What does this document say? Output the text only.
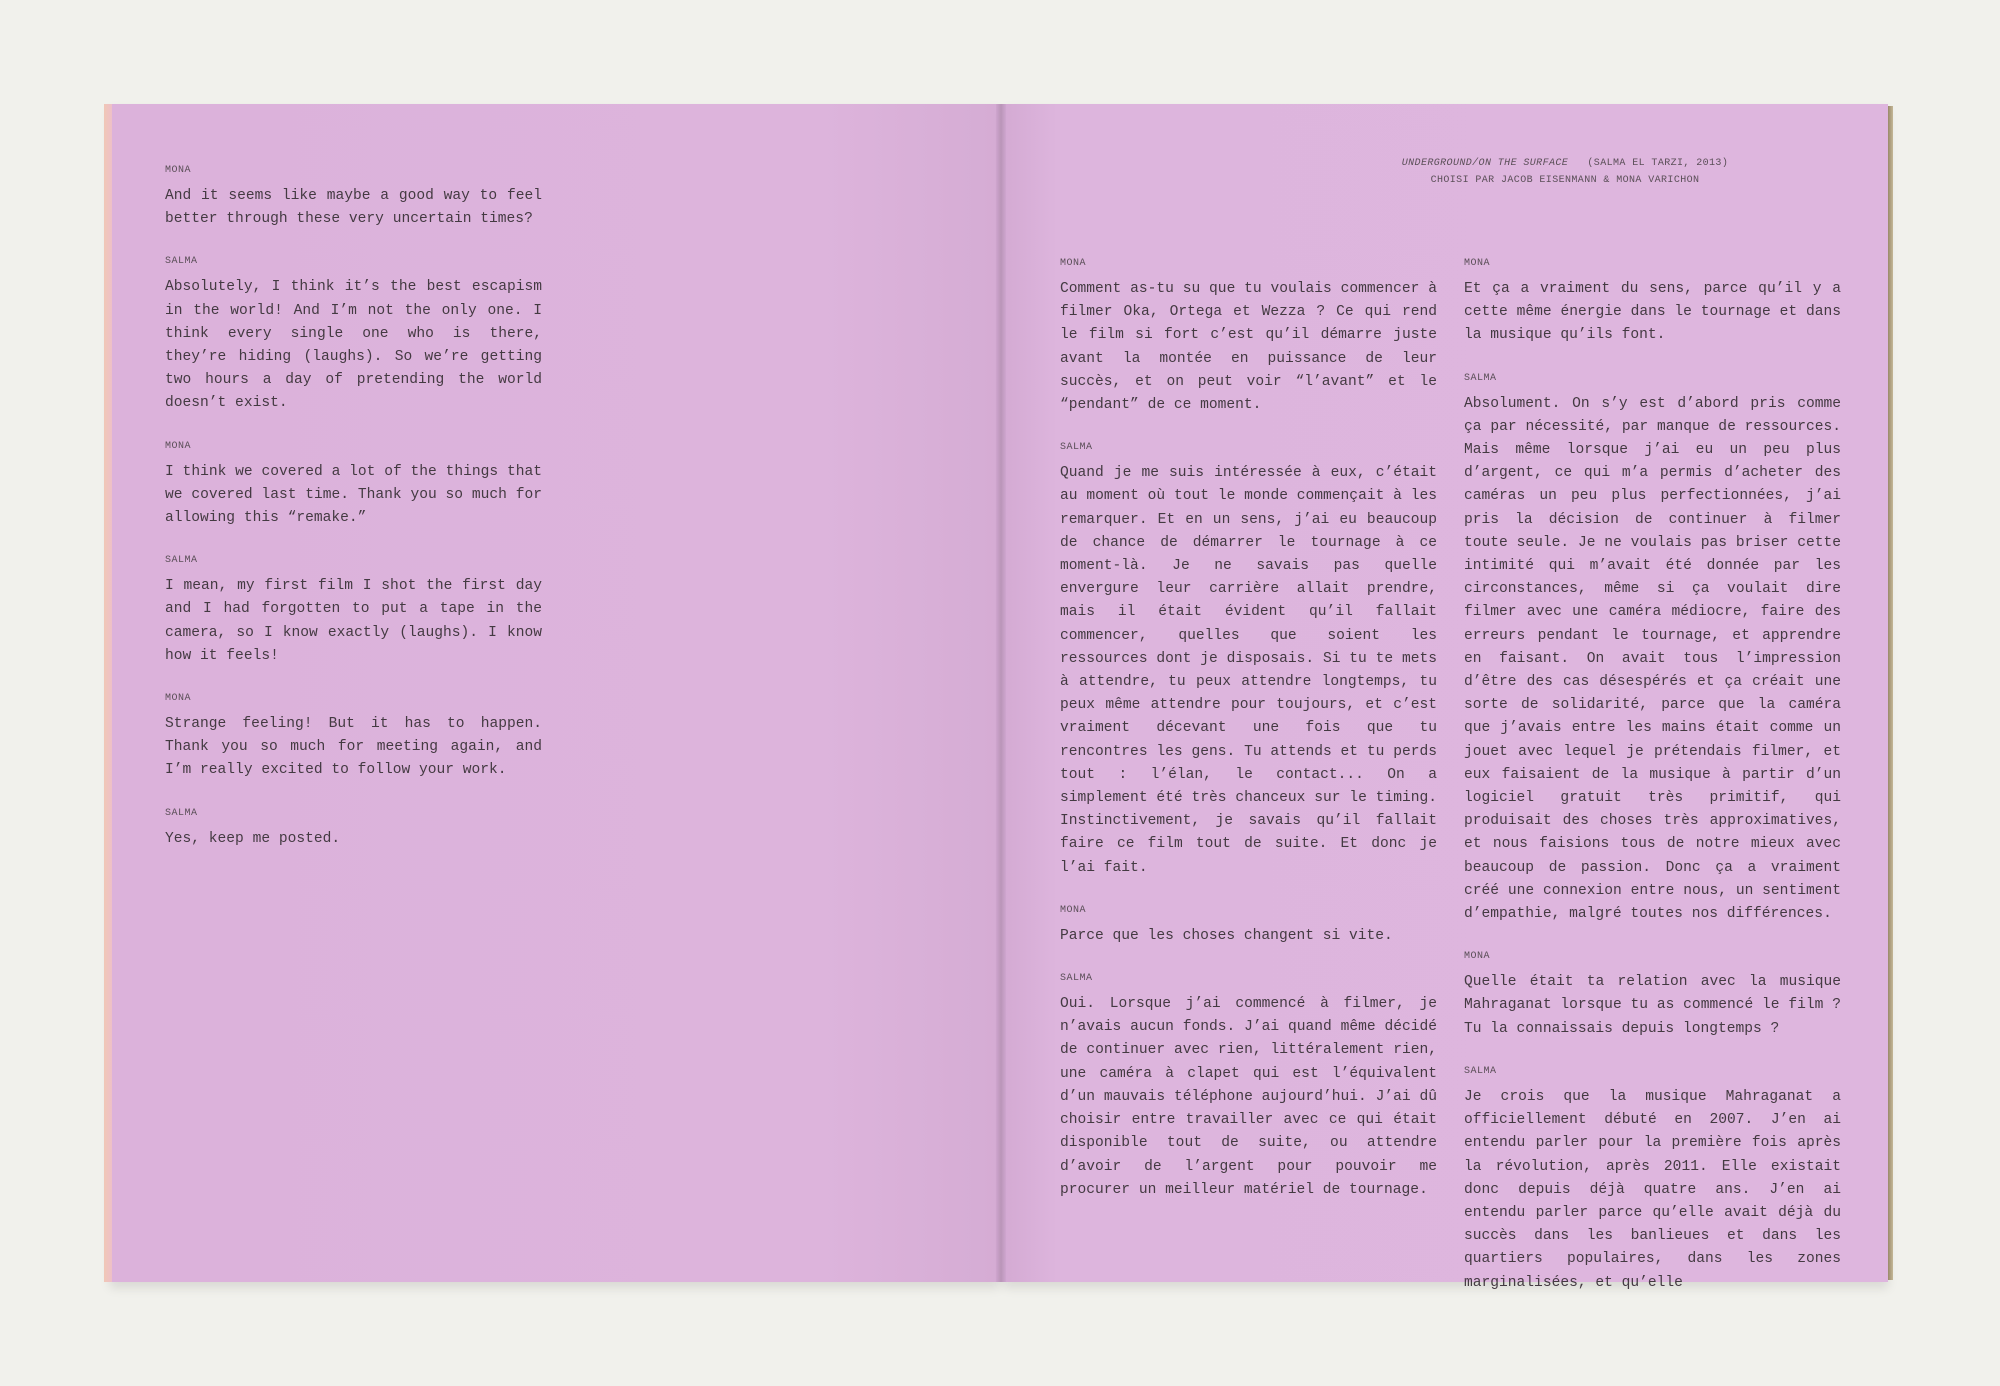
MONA
And it seems like maybe a good way to feel better through these very uncertain times?
SALMA
Absolutely, I think it’s the best escapism in the world! And I’m not the only one. I think every single one who is there, they’re hiding (laughs). So we’re getting two hours a day of pretending the world doesn’t exist.
MONA
I think we covered a lot of the things that we covered last time. Thank you so much for allowing this “remake.”
SALMA
I mean, my first film I shot the first day and I had forgotten to put a tape in the camera, so I know exactly (laughs). I know how it feels!
MONA
Strange feeling! But it has to happen. Thank you so much for meeting again, and I’m really excited to follow your work.
SALMA
Yes, keep me posted.
UNDERGROUND/ON THE SURFACE (SALMA EL TARZI, 2013)
CHOISI PAR JACOB EISENMANN & MONA VARICHON
MONA
Comment as-tu su que tu voulais commencer à filmer Oka, Ortega et Wezza ? Ce qui rend le film si fort c’est qu’il démarre juste avant la montée en puissance de leur succès, et on peut voir “l’avant” et le “pendant” de ce moment.
SALMA
Quand je me suis intéressée à eux, c’était au moment où tout le monde commençait à les remarquer. Et en un sens, j’ai eu beaucoup de chance de démarrer le tournage à ce moment-là. Je ne savais pas quelle envergure leur carrière allait prendre, mais il était évident qu’il fallait commencer, quelles que soient les ressources dont je disposais. Si tu te mets à attendre, tu peux attendre longtemps, tu peux même attendre pour toujours, et c’est vraiment décevant une fois que tu rencontres les gens. Tu attends et tu perds tout : l’élan, le contact... On a simplement été très chanceux sur le timing. Instinctivement, je savais qu’il fallait faire ce film tout de suite. Et donc je l’ai fait.
MONA
Parce que les choses changent si vite.
SALMA
Oui. Lorsque j’ai commencé à filmer, je n’avais aucun fonds. J’ai quand même décidé de continuer avec rien, littéralement rien, une caméra à clapet qui est l’équivalent d’un mauvais téléphone aujourd’hui. J’ai dû choisir entre travailler avec ce qui était disponible tout de suite, ou attendre d’avoir de l’argent pour pouvoir me procurer un meilleur matériel de tournage.
MONA
Et ça a vraiment du sens, parce qu’il y a cette même énergie dans le tournage et dans la musique qu’ils font.
SALMA
Absolument. On s’y est d’abord pris comme ça par nécessité, par manque de ressources. Mais même lorsque j’ai eu un peu plus d’argent, ce qui m’a permis d’acheter des caméras un peu plus perfectionnées, j’ai pris la décision de continuer à filmer toute seule. Je ne voulais pas briser cette intimité qui m’avait été donnée par les circonstances, même si ça voulait dire filmer avec une caméra médiocre, faire des erreurs pendant le tournage, et apprendre en faisant. On avait tous l’impression d’être des cas désespérés et ça créait une sorte de solidarité, parce que la caméra que j’avais entre les mains était comme un jouet avec lequel je prétendais filmer, et eux faisaient de la musique à partir d’un logiciel gratuit très primitif, qui produisait des choses très approximatives, et nous faisions tous de notre mieux avec beaucoup de passion. Donc ça a vraiment créé une connexion entre nous, un sentiment d’empathie, malgré toutes nos différences.
MONA
Quelle était ta relation avec la musique Mahraganat lorsque tu as commencé le film ? Tu la connaissais depuis longtemps ?
SALMA
Je crois que la musique Mahraganat a officiellement débuté en 2007. J’en ai entendu parler pour la première fois après la révolution, après 2011. Elle existait donc depuis déjà quatre ans. J’en ai entendu parler parce qu’elle avait déjà du succès dans les banlieues et dans les quartiers populaires, dans les zones marginalisées, et qu’elle
